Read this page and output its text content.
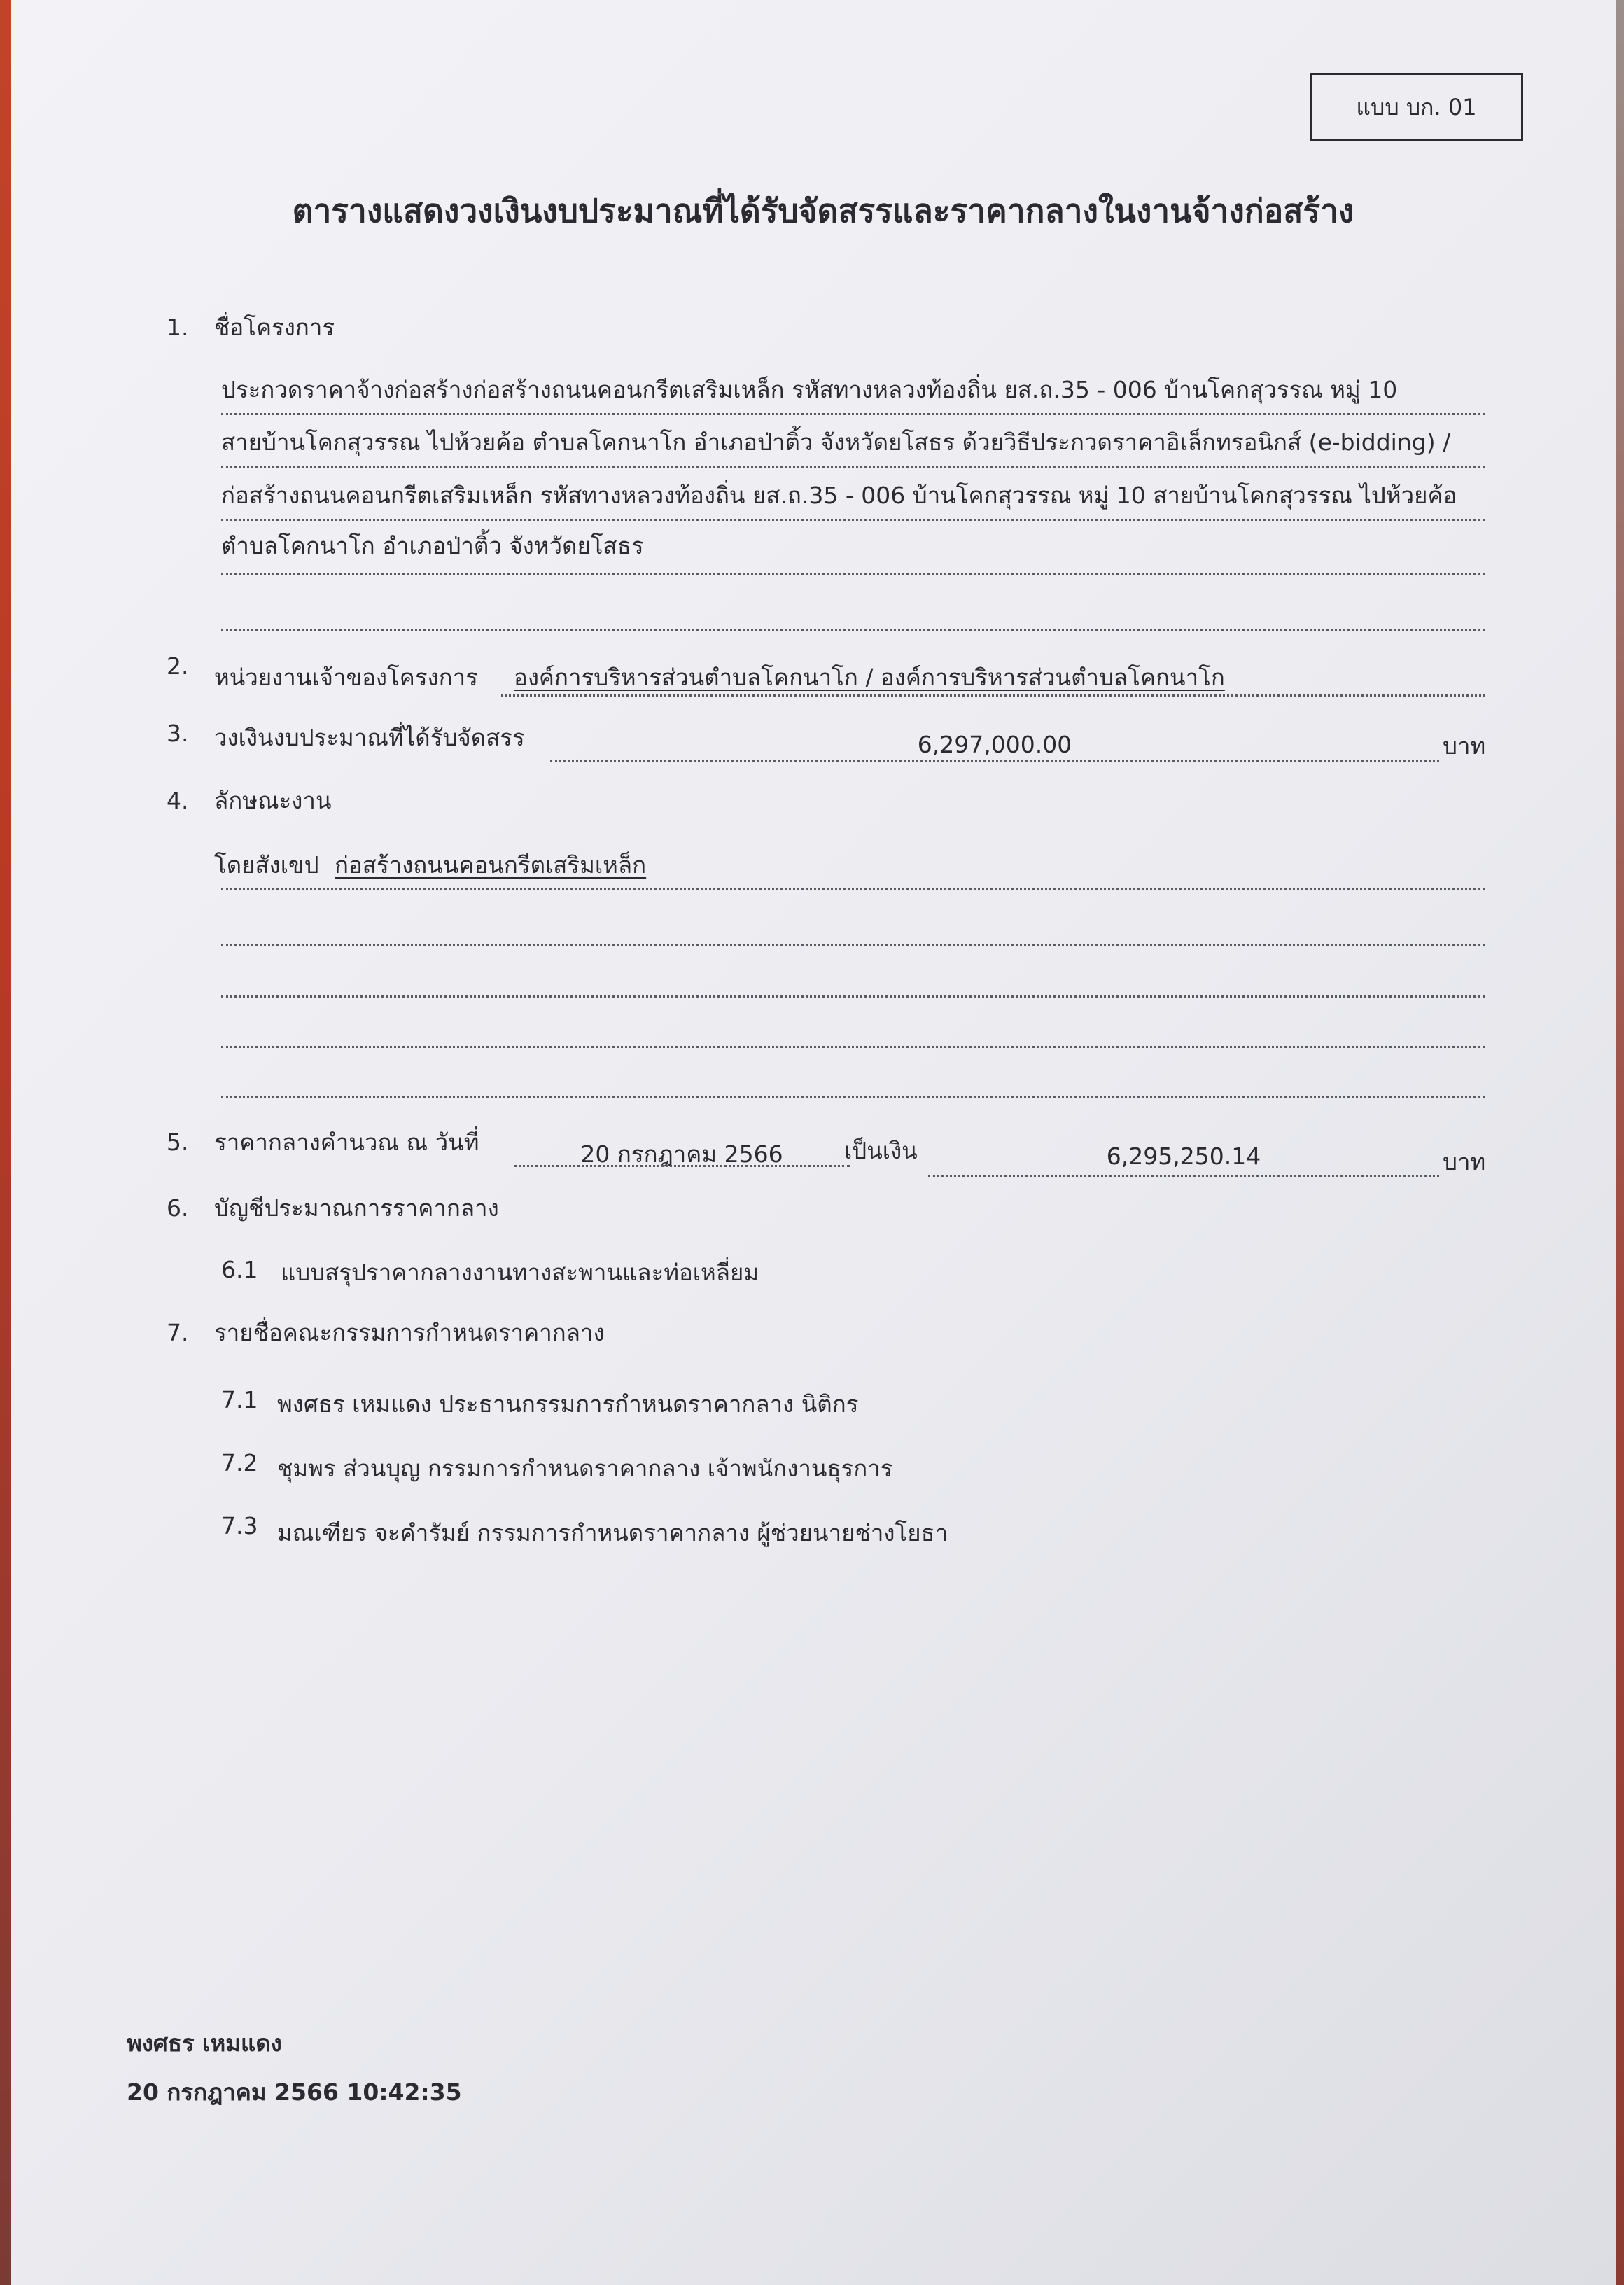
แบบ บก. 01
ตารางแสดงวงเงินงบประมาณที่ได้รับจัดสรรและราคากลางในงานจ้างก่อสร้าง
1. ชื่อโครงการ
ประกวดราคาจ้างก่อสร้างก่อสร้างถนนคอนกรีตเสริมเหล็ก รหัสทางหลวงท้องถิ่น ยส.ถ.35 - 006 บ้านโคกสุวรรณ หมู่ 10
สายบ้านโคกสุวรรณ ไปห้วยค้อ ตำบลโคกนาโก อำเภอป่าติ้ว จังหวัดยโสธร ด้วยวิธีประกวดราคาอิเล็กทรอนิกส์ (e-bidding) /
ก่อสร้างถนนคอนกรีตเสริมเหล็ก รหัสทางหลวงท้องถิ่น ยส.ถ.35 - 006 บ้านโคกสุวรรณ หมู่ 10 สายบ้านโคกสุวรรณ ไปห้วยค้อ
ตำบลโคกนาโก อำเภอป่าติ้ว จังหวัดยโสธร
2. หน่วยงานเจ้าของโครงการ องค์การบริหารส่วนตำบลโคกนาโก / องค์การบริหารส่วนตำบลโคกนาโก
3. วงเงินงบประมาณที่ได้รับจัดสรร	6,297,000.00	บาท
4. ลักษณะงาน
โดยสังเขป ก่อสร้างถนนคอนกรีตเสริมเหล็ก
5. ราคากลางคำนวณ ณ วันที่	20 กรกฎาคม 2566	เป็นเงิน	6,295,250.14	บาท
6. บัญชีประมาณการราคากลาง
6.1 แบบสรุปราคากลางงานทางสะพานและท่อเหลี่ยม
7. รายชื่อคณะกรรมการกำหนดราคากลาง
7.1 พงศธร เหมแดง ประธานกรรมการกำหนดราคากลาง นิติกร
7.2 ชุมพร ส่วนบุญ กรรมการกำหนดราคากลาง เจ้าพนักงานธุรการ
7.3 มณเฑียร จะคำรัมย์ กรรมการกำหนดราคากลาง ผู้ช่วยนายช่างโยธา
พงศธร เหมแดง
20 กรกฎาคม 2566 10:42:35
